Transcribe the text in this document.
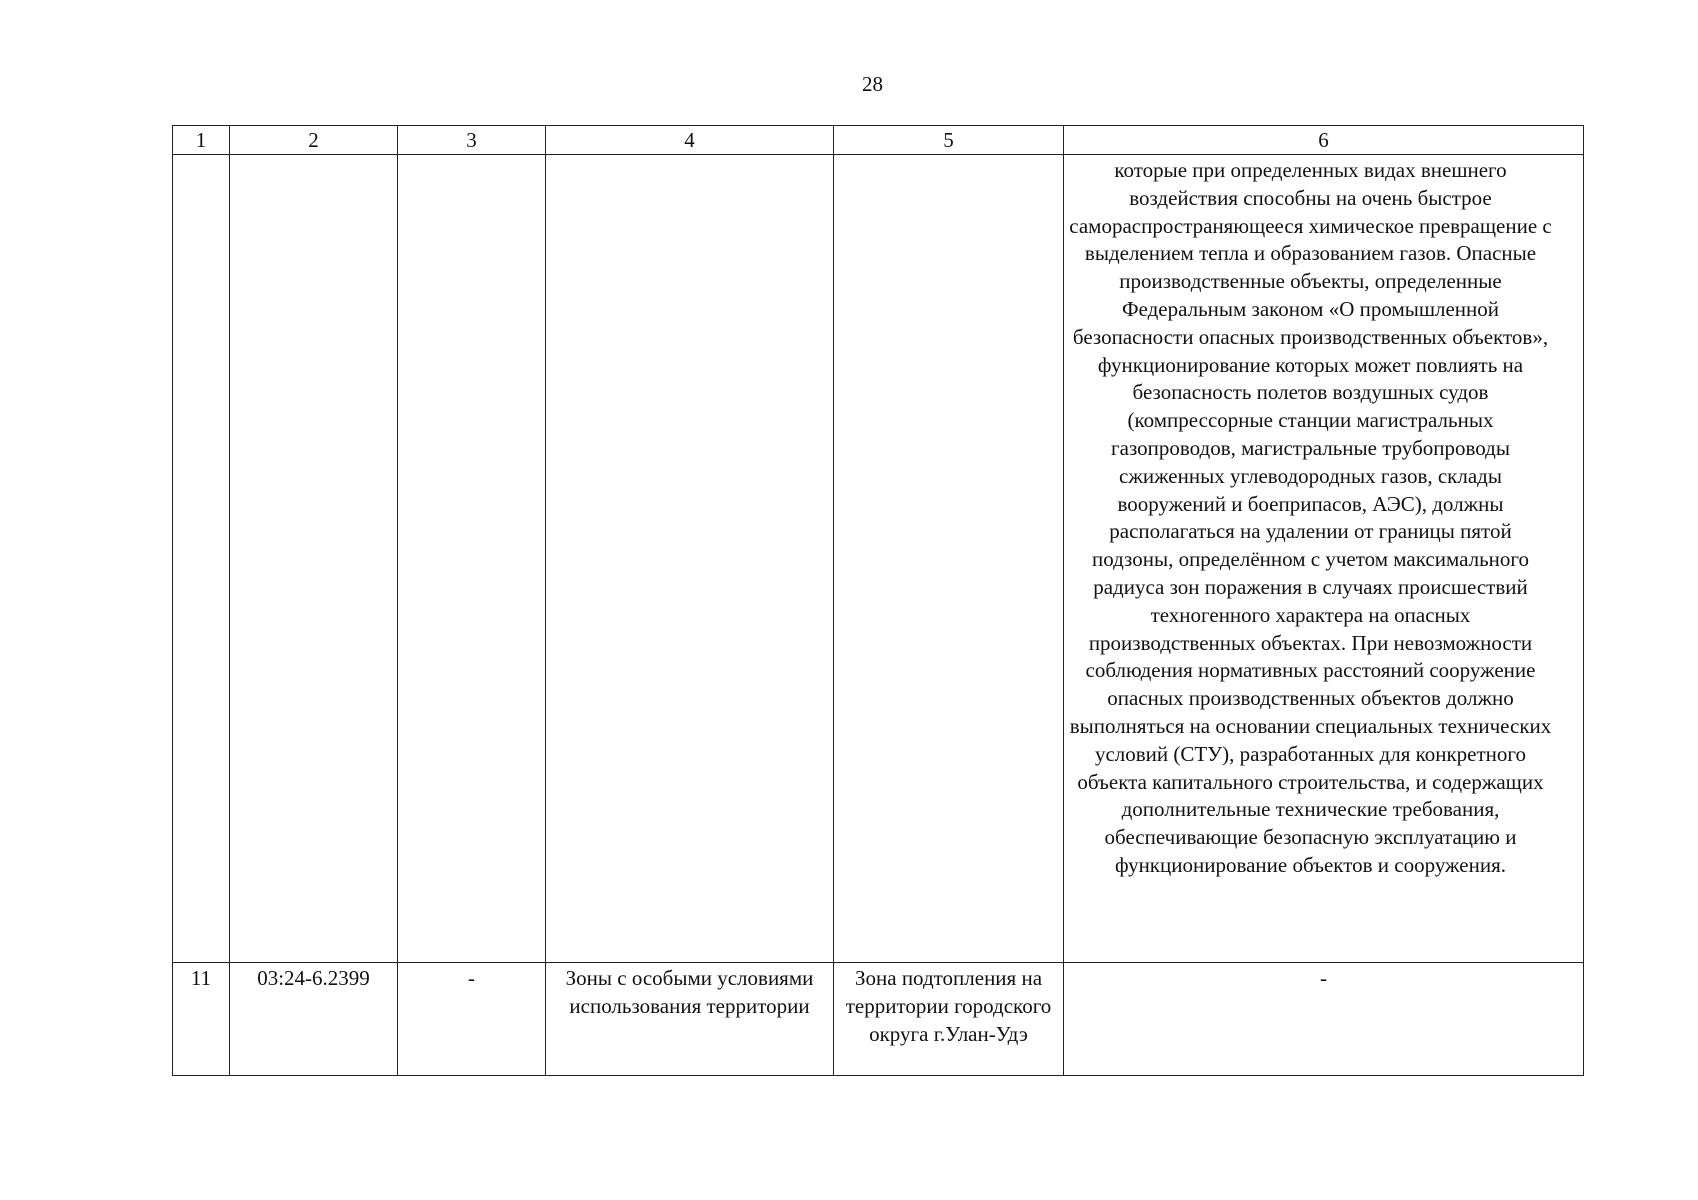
28
1	2	3	4	5	6

					которые при определенных видах внешнего воздействия способны на очень быстрое самораспространяющееся химическое превращение с выделением тепла и образованием газов. Опасные производственные объекты, определенные Федеральным законом «О промышленной безопасности опасных производственных объектов», функционирование которых может повлиять на безопасность полетов воздушных судов (компрессорные станции магистральных газопроводов, магистральные трубопроводы сжиженных углеводородных газов, склады вооружений и боеприпасов, АЭС), должны располагаться на удалении от границы пятой подзоны, определённом с учетом максимального радиуса зон поражения в случаях происшествий техногенного характера на опасных производственных объектах. При невозможности соблюдения нормативных расстояний сооружение опасных производственных объектов должно выполняться на основании специальных технических условий (СТУ), разработанных для конкретного объекта капитального строительства, и содержащих дополнительные технические требования, обеспечивающие безопасную эксплуатацию и функционирование объектов и сооружения.

11	03:24-6.2399	-	Зоны с особыми условиями использования территории	Зона подтопления на территории городского округа г.Улан-Удэ	-
